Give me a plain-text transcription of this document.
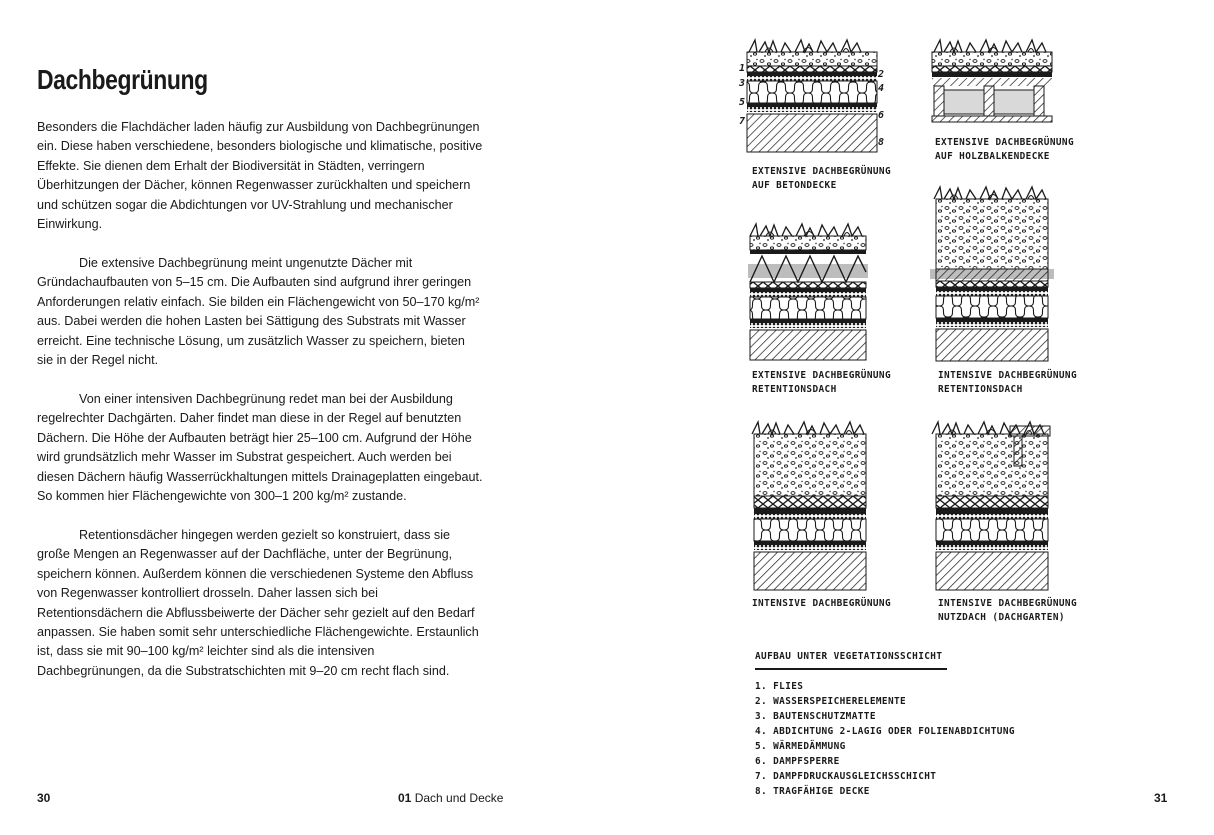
Dachbegrünung

Besonders die Flachdächer laden häufig zur Ausbildung von Dachbegrünungen ein. Diese haben verschiedene, besonders biologische und klimatische, positive Effekte. Sie dienen dem Erhalt der Biodiversität in Städten, verringern Überhitzungen der Dächer, können Regenwasser zurückhalten und speichern und schützen sogar die Abdichtungen vor UV-Strahlung und mechanischer Einwirkung.

Die extensive Dachbegrünung meint ungenutzte Dächer mit Gründachaufbauten von 5–15 cm. Die Aufbauten sind aufgrund ihrer geringen Anforderungen relativ einfach. Sie bilden ein Flächengewicht von 50–170 kg/m² aus. Dabei werden die hohen Lasten bei Sättigung des Substrats mit Wasser erreicht. Eine technische Lösung, um zusätzlich Wasser zu speichern, bieten sie in der Regel nicht.

Von einer intensiven Dachbegrünung redet man bei der Ausbildung regelrechter Dachgärten. Daher findet man diese in der Regel auf benutzten Dächern. Die Höhe der Aufbauten beträgt hier 25–100 cm. Aufgrund der Höhe wird grundsätzlich mehr Wasser im Substrat gespeichert. Auch werden bei diesen Dächern häufig Wasserrückhaltungen mittels Drainageplatten eingebaut. So kommen hier Flächengewichte von 300–1 200 kg/m² zustande.

Retentionsdächer hingegen werden gezielt so konstruiert, dass sie große Mengen an Regenwasser auf der Dachfläche, unter der Begrünung, speichern können. Außerdem können die verschiedenen Systeme den Abfluss von Regenwasser kontrolliert drosseln. Daher lassen sich bei Retentionsdächern die Abflussbeiwerte der Dächer sehr gezielt auf den Bedarf anpassen. Sie haben somit sehr unterschiedliche Flächengewichte. Erstaunlich ist, dass sie mit 90–100 kg/m² leichter sind als die intensiven Dachbegrünungen, da die Substratschichten mit 9–20 cm recht flach sind.

30	01 Dach und Decke
1
3
5
7
2
4
6
8
EXTENSIVE DACHBEGRÜNUNG
AUF BETONDECKE
EXTENSIVE DACHBEGRÜNUNG
AUF HOLZBALKENDECKE
EXTENSIVE DACHBEGRÜNUNG
RETENTIONSDACH
INTENSIVE DACHBEGRÜNUNG
RETENTIONSDACH
INTENSIVE DACHBEGRÜNUNG	INTENSIVE DACHBEGRÜNUNG
NUTZDACH (DACHGARTEN)
AUFBAU UNTER VEGETATIONSSCHICHT
1. FLIES
2. WASSERSPEICHERELEMENTE
3. BAUTENSCHUTZMATTE
4. ABDICHTUNG 2-LAGIG ODER FOLIENABDICHTUNG
5. WÄRMEDÄMMUNG
6. DAMPFSPERRE
7. DAMPFDRUCKAUSGLEICHSSCHICHT
8. TRAGFÄHIGE DECKE	31
